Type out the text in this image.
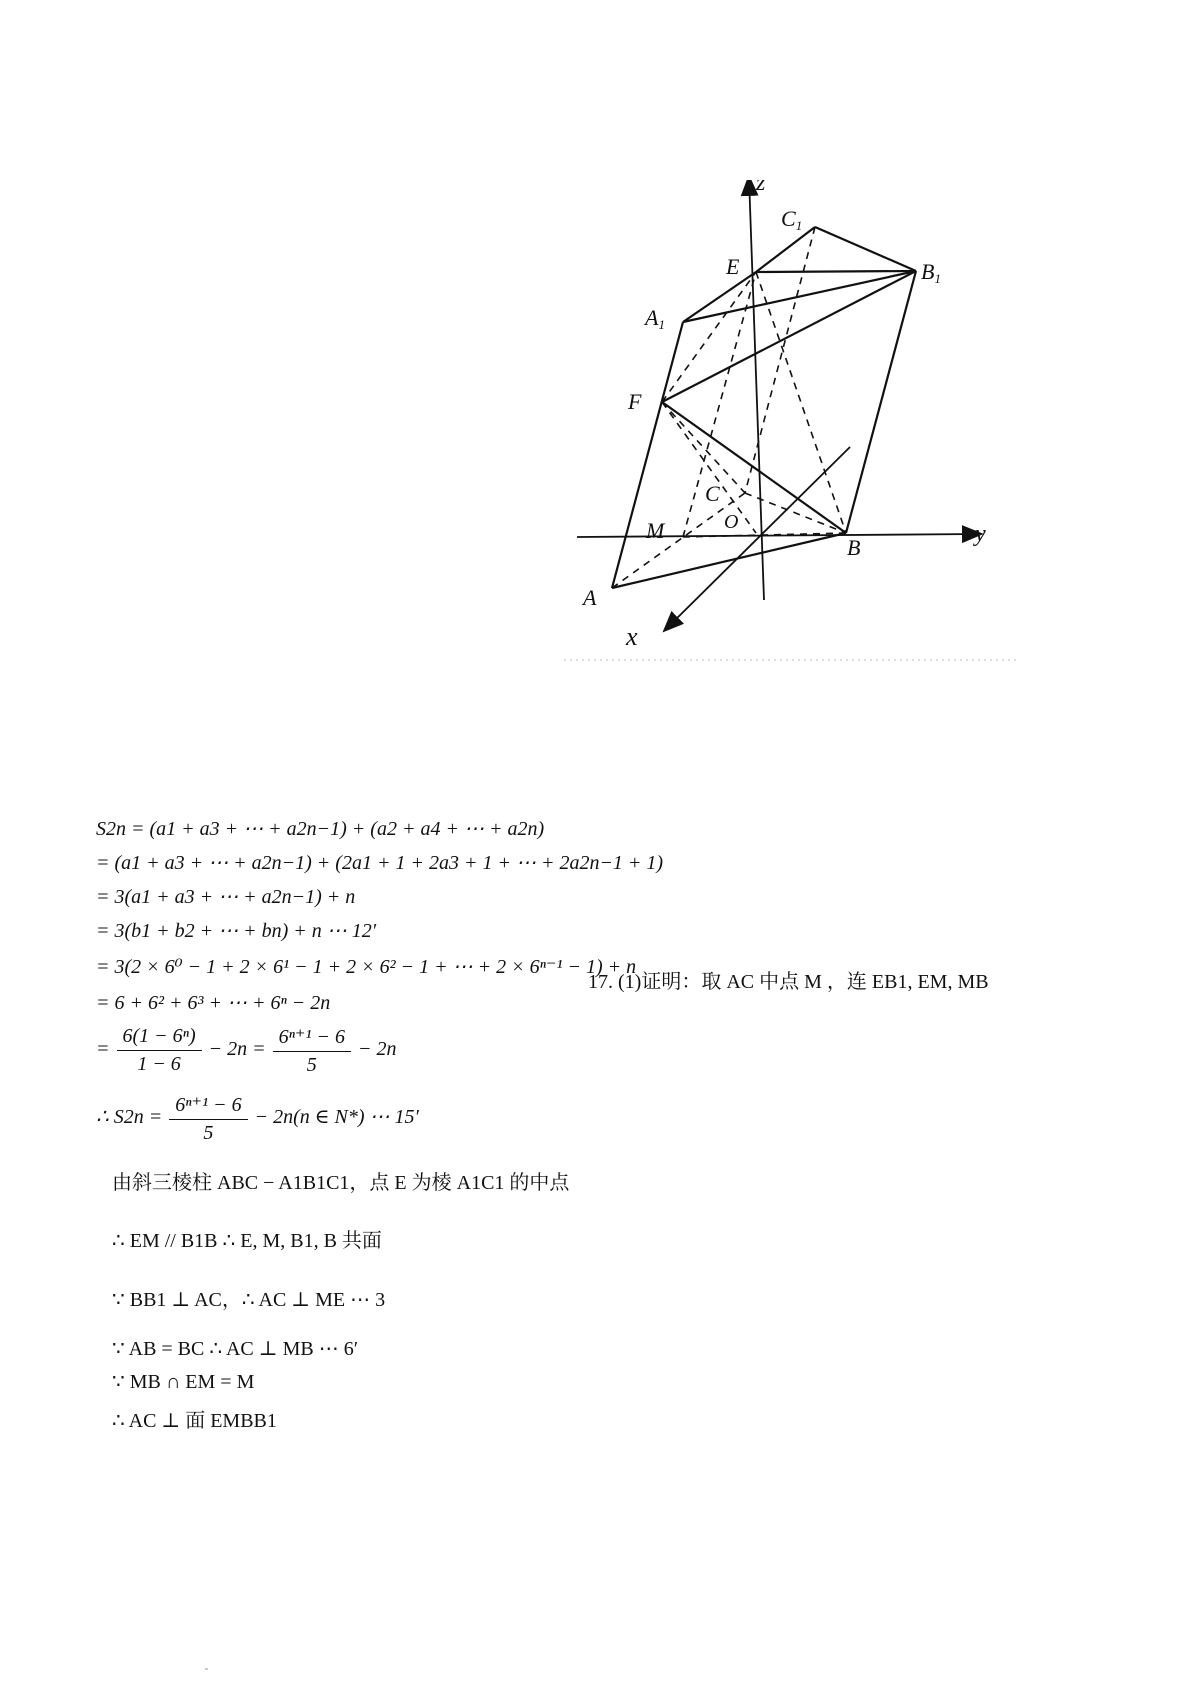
z
y
x
C1
E	B1
A1
F
C
O
M
B
A
S2n = (a1 + a3 + ⋯ + a2n−1) + (a2 + a4 + ⋯ + a2n)
= (a1 + a3 + ⋯ + a2n−1) + (2a1 + 1 + 2a3 + 1 + ⋯ + 2a2n−1 + 1)
= 3(a1 + a3 + ⋯ + a2n−1) + n
= 3(b1 + b2 + ⋯ + bn) + n ⋯ 12′
= 3(2 × 6⁰ − 1 + 2 × 6¹ − 1 + 2 × 6² − 1 + ⋯ + 2 × 6ⁿ⁻¹ − 1) + n
= 6 + 6² + 6³ + ⋯ + 6ⁿ − 2n
= $\frac{\text{6(1 − 6ⁿ)}}{1 - 6} - 2n = \frac{\text{6ⁿ⁺¹ − 6}}{5} - 2n$
∴ $S2n = \frac{\text{6ⁿ⁺¹ − 6}}{5} - 2n(n$ ∈ N*) ⋯ 15′
17. (1)证明：取 AC 中点 M ，连 EB1, EM, MB
由斜三棱柱 ABC − A1B1C1，点 E 为棱 A1C1 的中点
∴ EM // B1B ∴ E, M, B1, B 共面
∵ BB1 ⊥ AC，∴ AC ⊥ ME ⋯ 3
∵ AB = BC ∴ AC ⊥ MB ⋯ 6′
∵ MB ∩ EM = M
∴ AC ⊥ 面 EMBB1
